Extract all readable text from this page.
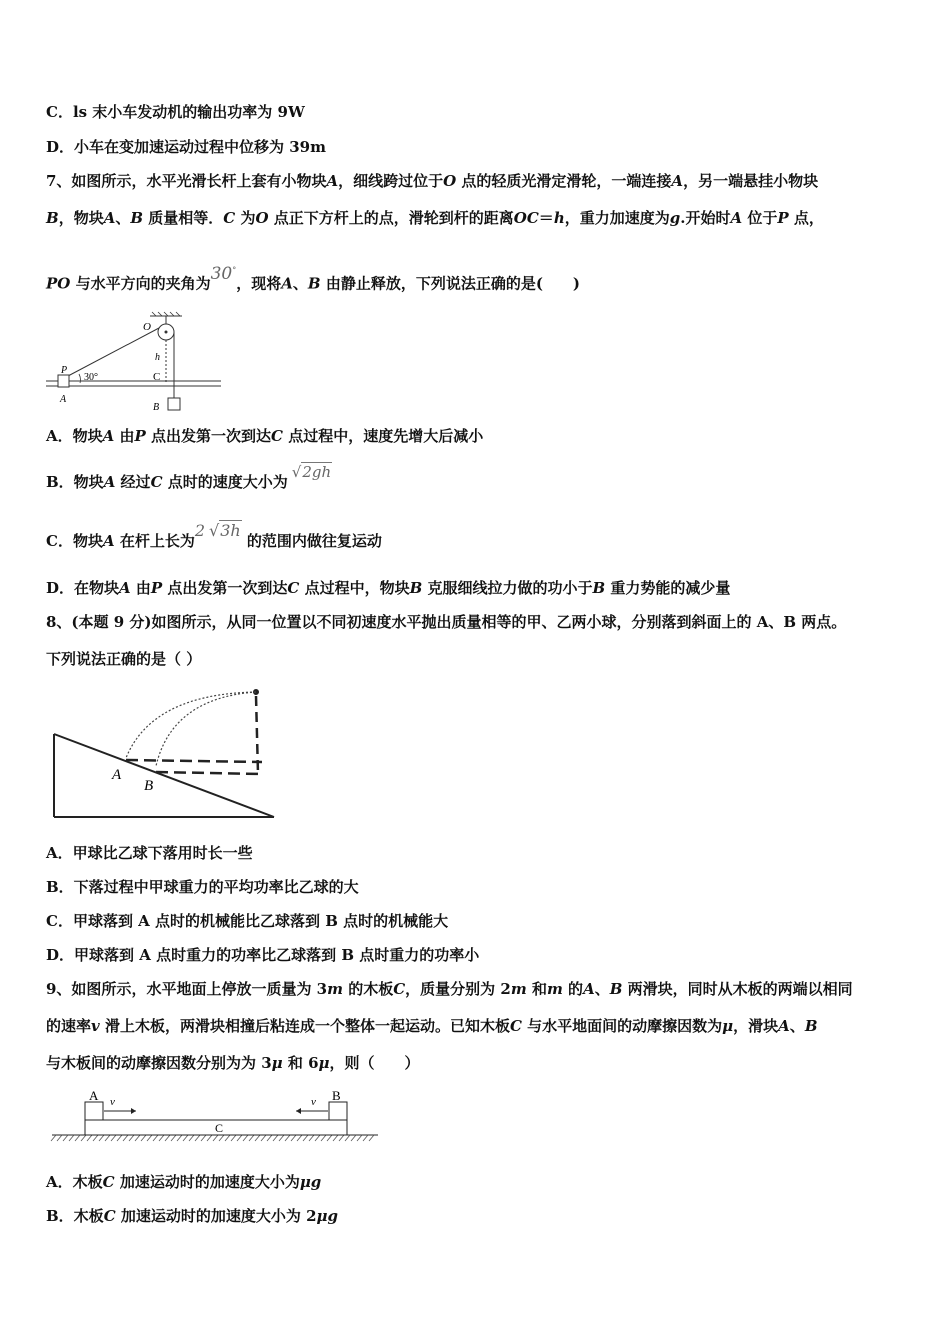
C．ls 末小车发动机的输出功率为 9W
D．小车在变加速运动过程中位移为 39m
7、如图所示，水平光滑长杆上套有小物块A，细线跨过位于O 点的轻质光滑定滑轮，一端连接A，另一端悬挂小物块
B，物块A、B 质量相等．C 为O 点正下方杆上的点，滑轮到杆的距离OC＝h，重力加速度为g.开始时A 位于P 点，
PO 与水平方向的夹角为30°，现将A、B 由静止释放，下列说法正确的是(　　)
O
P
h
C
A
B
30°
A．物块A 由P 点出发第一次到达C 点过程中，速度先增大后减小
B．物块A 经过C 点时的速度大小为√2gh
C．物块A 在杆上长为2 √3h 的范围内做往复运动
D．在物块A 由P 点出发第一次到达C 点过程中，物块B 克服细线拉力做的功小于B 重力势能的减少量
8、(本题 9 分)如图所示，从同一位置以不同初速度水平抛出质量相等的甲、乙两小球，分别落到斜面上的 A、B 两点。
下列说法正确的是（ ）
A
B
A．甲球比乙球下落用时长一些
B．下落过程中甲球重力的平均功率比乙球的大
C．甲球落到 A 点时的机械能比乙球落到 B 点时的机械能大
D．甲球落到 A 点时重力的功率比乙球落到 B 点时重力的功率小
9、如图所示，水平地面上停放一质量为 3m 的木板C，质量分别为 2m 和m 的A、B 两滑块，同时从木板的两端以相同
的速率v 滑上木板，两滑块相撞后粘连成一个整体一起运动。已知木板C 与水平地面间的动摩擦因数为μ，滑块A、B
与木板间的动摩擦因数分别为为 3μ 和 6μ，则（　　）
A	B
C
v	v
A．木板C 加速运动时的加速度大小为μg
B．木板C 加速运动时的加速度大小为 2μg
